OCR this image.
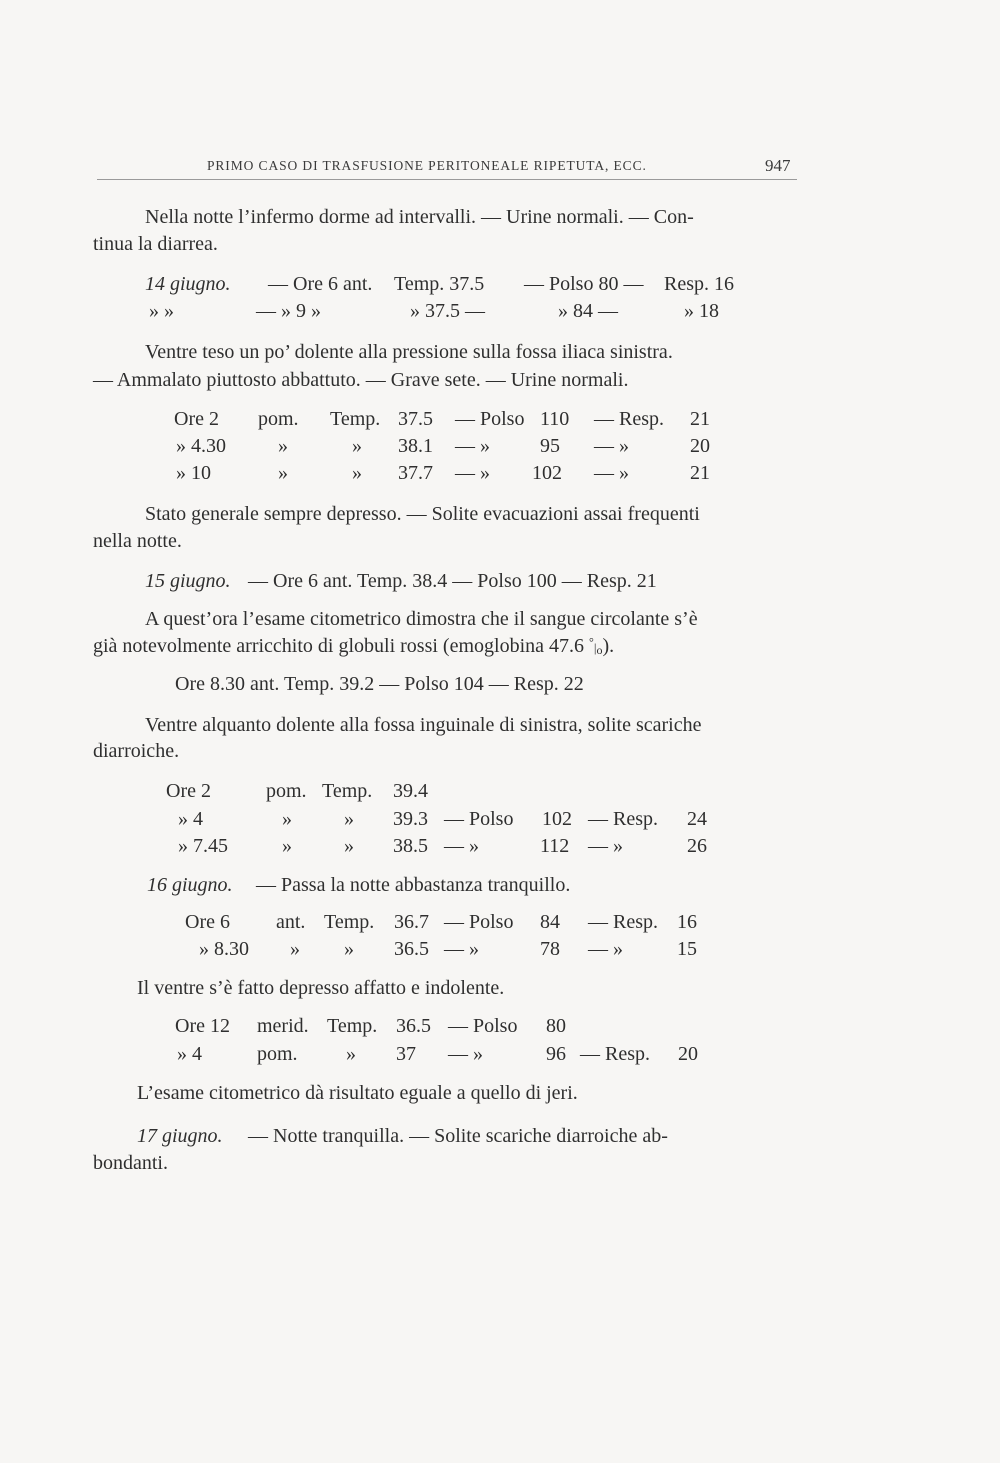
PRIMO CASO DI TRASFUSIONE PERITONEALE RIPETUTA, ECC.	947
Nella notte l’infermo dorme ad intervalli. — Urine normali. — Con-
tinua la diarrea.
14 giugno. — Ore 6 ant. Temp. 37.5 — Polso 80 — Resp. 16
» »	— » 9 »	» 37.5 —	» 84 —	» 18
Ventre teso un po’ dolente alla pressione sulla fossa iliaca sinistra.
— Ammalato piuttosto abbattuto. — Grave sete. — Urine normali.
Ore 2 pom. Temp. 37.5 — Polso 110 — Resp. 21
» 4.30	»	» 38.1 — »	95 — »	20
» 10	»	» 37.7 — » 102 — »	21
Stato generale sempre depresso. — Solite evacuazioni assai frequenti
nella notte.
15 giugno. — Ore 6 ant. Temp. 38.4 — Polso 100 — Resp. 21
A quest’ora l’esame citometrico dimostra che il sangue circolante s’è
già notevolmente arricchito di globuli rossi (emoglobina 47.6 °|o).
Ore 8.30 ant. Temp. 39.2 — Polso 104 — Resp. 22
Ventre alquanto dolente alla fossa inguinale di sinistra, solite scariche
diarroiche.
Ore 2	pom. Temp. 39.4
» 4	»	» 39.3 — Polso 102 — Resp. 24
» 7.45	»	» 38.5 — »	112 — »	26
16 giugno. — Passa la notte abbastanza tranquillo.
Ore 6 ant. Temp. 36.7 — Polso 84 — Resp. 16
» 8.30 » » 36.5 — »	78 — »	15
Il ventre s’è fatto depresso affatto e indolente.
Ore 12 merid. Temp. 36.5 — Polso 80
» 4	pom. » 37 — »	96 — Resp. 20
L’esame citometrico dà risultato eguale a quello di jeri.
17 giugno. — Notte tranquilla. — Solite scariche diarroiche ab-
bondanti.
